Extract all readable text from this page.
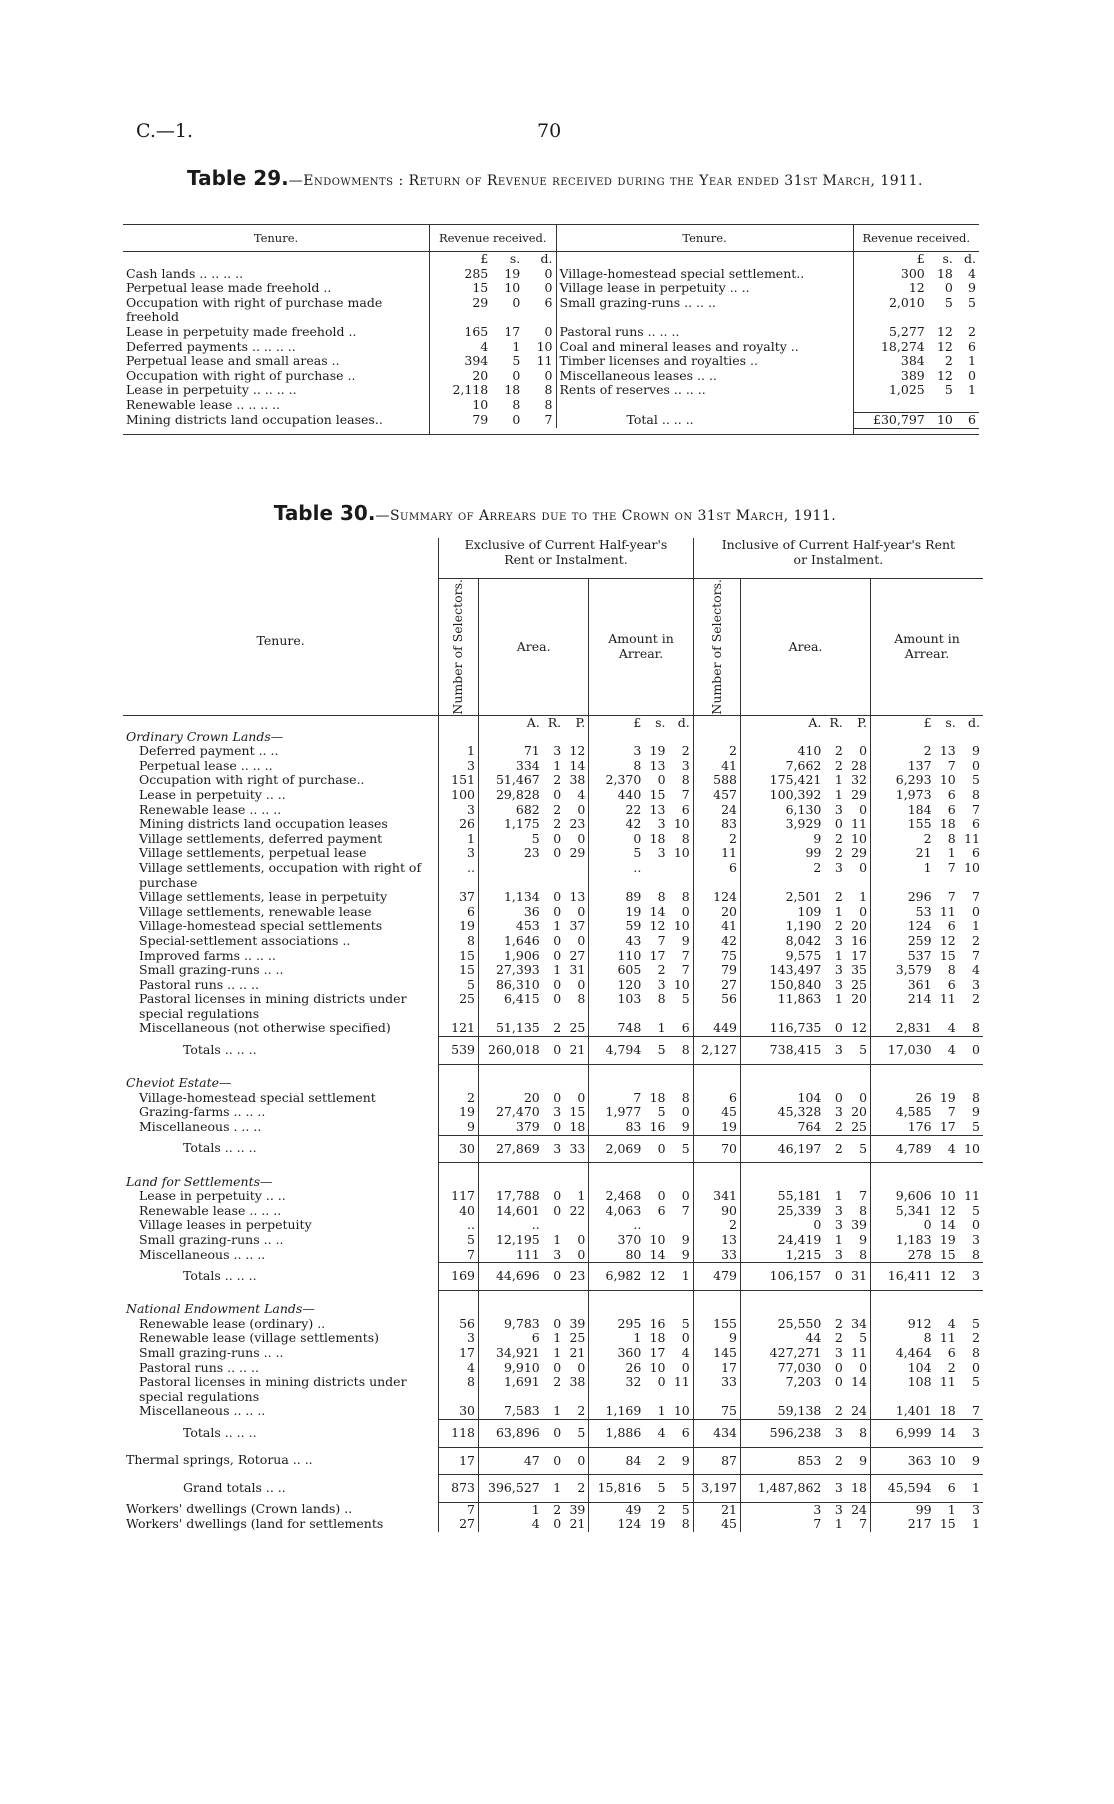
C.—1.	70
Table 29.—Endowments : Return of Revenue received during the Year ended 31st March, 1911.
Tenure.	Revenue received.			Tenure.	Revenue received.		
	£	s.	d.		£	s.	d.
Cash lands .. .. .. ..	285	19	0	Village-homestead special settlement..	300	18	4
Perpetual lease made freehold ..	15	10	0	Village lease in perpetuity .. ..	12	0	9
Occupation with right of purchase made freehold	29	0	6	Small grazing-runs .. .. ..	2,010	5	5
Lease in perpetuity made freehold ..	165	17	0	Pastoral runs .. .. ..	5,277	12	2
Deferred payments .. .. .. ..	4	1	10	Coal and mineral leases and royalty ..	18,274	12	6
Perpetual lease and small areas ..	394	5	11	Timber licenses and royalties ..	384	2	1
Occupation with right of purchase ..	20	0	0	Miscellaneous leases .. ..	389	12	0
Lease in perpetuity .. .. .. ..	2,118	18	8	Rents of reserves .. .. ..	1,025	5	1
Renewable lease .. .. .. ..	10	8	8				
Mining districts land occupation leases..	79	0	7	Total .. .. ..	£30,797	10	6

Table 30.—Summary of Arrears due to the Crown on 31st March, 1911.
Tenure.	Exclusive of Current Half-year's Rent or Instalment.							Inclusive of Current Half-year's Rent or Instalment.						

	Number of Selectors.	Area.			Amount in Arrear.			Number of Selectors.	Area.			Amount in Arrear.		
Ordinary Crown Lands—		A.	R.	P.	£	s.	d.		A.	R.	P.	£	s.	d.
Deferred payment .. ..	1	71	3	12	3	19	2	2	410	2	0	2	13	9
Perpetual lease .. .. ..	3	334	1	14	8	13	3	41	7,662	2	28	137	7	0
Occupation with right of purchase..	151	51,467	2	38	2,370	0	8	588	175,421	1	32	6,293	10	5
Lease in perpetuity .. ..	100	29,828	0	4	440	15	7	457	100,392	1	29	1,973	6	8
Renewable lease .. .. ..	3	682	2	0	22	13	6	24	6,130	3	0	184	6	7
Mining districts land occupation leases	26	1,175	2	23	42	3	10	83	3,929	0	11	155	18	6
Village settlements, deferred payment	1	5	0	0	0	18	8	2	9	2	10	2	8	11
Village settlements, perpetual lease	3	23	0	29	5	3	10	11	99	2	29	21	1	6
Village settlements, occupation with right of purchase	..				..			6	2	3	0	1	7	10
Village settlements, lease in perpetuity	37	1,134	0	13	89	8	8	124	2,501	2	1	296	7	7
Village settlements, renewable lease	6	36	0	0	19	14	0	20	109	1	0	53	11	0
Village-homestead special settlements	19	453	1	37	59	12	10	41	1,190	2	20	124	6	1
Special-settlement associations ..	8	1,646	0	0	43	7	9	42	8,042	3	16	259	12	2
Improved farms .. .. ..	15	1,906	0	27	110	17	7	75	9,575	1	17	537	15	7
Small grazing-runs .. ..	15	27,393	1	31	605	2	7	79	143,497	3	35	3,579	8	4
Pastoral runs .. .. ..	5	86,310	0	0	120	3	10	27	150,840	3	25	361	6	3
Pastoral licenses in mining districts under special regulations	25	6,415	0	8	103	8	5	56	11,863	1	20	214	11	2
Miscellaneous (not otherwise specified)	121	51,135	2	25	748	1	6	449	116,735	0	12	2,831	4	8
Totals .. .. ..	539	260,018	0	21	4,794	5	8	2,127	738,415	3	5	17,030	4	0
Cheviot Estate—														
Village-homestead special settlement	2	20	0	0	7	18	8	6	104	0	0	26	19	8
Grazing-farms .. .. ..	19	27,470	3	15	1,977	5	0	45	45,328	3	20	4,585	7	9
Miscellaneous . .. ..	9	379	0	18	83	16	9	19	764	2	25	176	17	5
Totals .. .. ..	30	27,869	3	33	2,069	0	5	70	46,197	2	5	4,789	4	10
Land for Settlements—														
Lease in perpetuity .. ..	117	17,788	0	1	2,468	0	0	341	55,181	1	7	9,606	10	11
Renewable lease .. .. ..	40	14,601	0	22	4,063	6	7	90	25,339	3	8	5,341	12	5
Village leases in perpetuity	..	..			..			2	0	3	39	0	14	0
Small grazing-runs .. ..	5	12,195	1	0	370	10	9	13	24,419	1	9	1,183	19	3
Miscellaneous .. .. ..	7	111	3	0	80	14	9	33	1,215	3	8	278	15	8
Totals .. .. ..	169	44,696	0	23	6,982	12	1	479	106,157	0	31	16,411	12	3
National Endowment Lands—														
Renewable lease (ordinary) ..	56	9,783	0	39	295	16	5	155	25,550	2	34	912	4	5
Renewable lease (village settlements)	3	6	1	25	1	18	0	9	44	2	5	8	11	2
Small grazing-runs .. ..	17	34,921	1	21	360	17	4	145	427,271	3	11	4,464	6	8
Pastoral runs .. .. ..	4	9,910	0	0	26	10	0	17	77,030	0	0	104	2	0
Pastoral licenses in mining districts under special regulations	8	1,691	2	38	32	0	11	33	7,203	0	14	108	11	5
Miscellaneous .. .. ..	30	7,583	1	2	1,169	1	10	75	59,138	2	24	1,401	18	7
Totals .. .. ..	118	63,896	0	5	1,886	4	6	434	596,238	3	8	6,999	14	3
Thermal springs, Rotorua .. ..	17	47	0	0	84	2	9	87	853	2	9	363	10	9
Grand totals .. ..	873	396,527	1	2	15,816	5	5	3,197	1,487,862	3	18	45,594	6	1
Workers' dwellings (Crown lands) ..	7	1	2	39	49	2	5	21	3	3	24	99	1	3
Workers' dwellings (land for settlements	27	4	0	21	124	19	8	45	7	1	7	217	15	1
